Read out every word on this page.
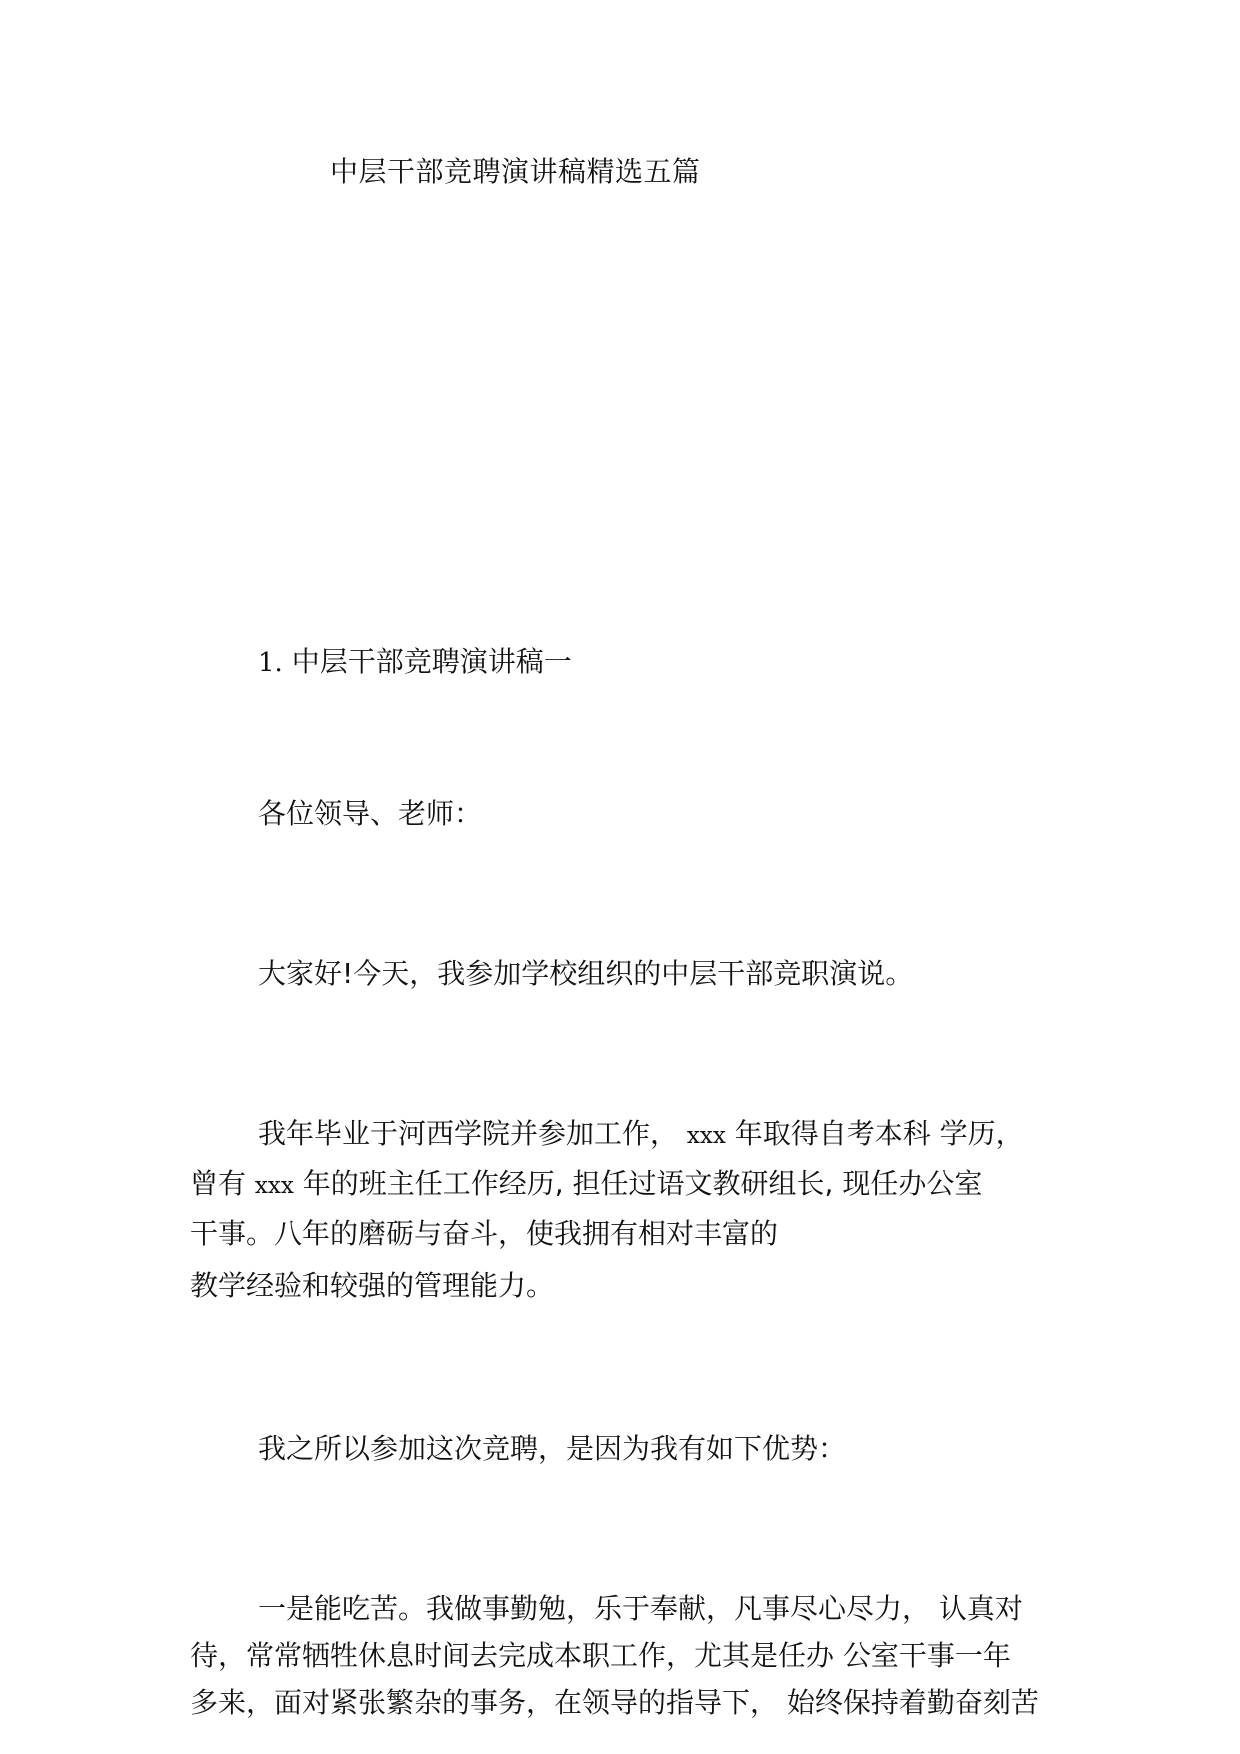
中层干部竞聘演讲稿精选五篇
1. 中层干部竞聘演讲稿一
各位领导、老师：
大家好!今天，我参加学校组织的中层干部竞职演说。
我年毕业于河西学院并参加工作， xxx 年取得自考本科 学历，
曾有 xxx 年的班主任工作经历, 担任过语文教研组长, 现任办公室
干事。八年的磨砺与奋斗，使我拥有相对丰富的
教学经验和较强的管理能力。
我之所以参加这次竞聘，是因为我有如下优势：
一是能吃苦。我做事勤勉，乐于奉献，凡事尽心尽力， 认真对
待，常常牺牲休息时间去完成本职工作，尤其是任办 公室干事一年
多来，面对紧张繁杂的事务，在领导的指导下， 始终保持着勤奋刻苦
